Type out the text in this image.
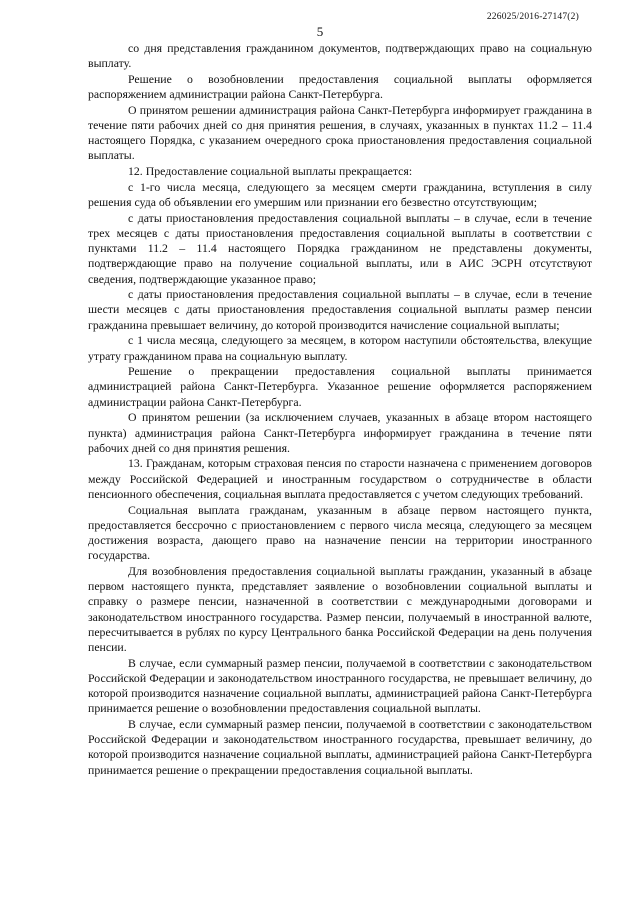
5
226025/2016-27147(2)

со дня представления гражданином документов, подтверждающих право на социальную выплату.

Решение о возобновлении предоставления социальной выплаты оформляется распоряжением администрации района Санкт-Петербурга.

О принятом решении администрация района Санкт-Петербурга информирует гражданина в течение пяти рабочих дней со дня принятия решения, в случаях, указанных в пунктах 11.2 – 11.4 настоящего Порядка, с указанием очередного срока приостановления предоставления социальной выплаты.

12. Предоставление социальной выплаты прекращается:

с 1-го числа месяца, следующего за месяцем смерти гражданина, вступления в силу решения суда об объявлении его умершим или признании его безвестно отсутствующим;

с даты приостановления предоставления социальной выплаты – в случае, если в течение трех месяцев с даты приостановления предоставления социальной выплаты в соответствии с пунктами 11.2 – 11.4 настоящего Порядка гражданином не представлены документы, подтверждающие право на получение социальной выплаты, или в АИС ЭСРН отсутствуют сведения, подтверждающие указанное право;

с даты приостановления предоставления социальной выплаты – в случае, если в течение шести месяцев с даты приостановления предоставления социальной выплаты размер пенсии гражданина превышает величину, до которой производится начисление социальной выплаты;

с 1 числа месяца, следующего за месяцем, в котором наступили обстоятельства, влекущие утрату гражданином права на социальную выплату.

Решение о прекращении предоставления социальной выплаты принимается администрацией района Санкт-Петербурга. Указанное решение оформляется распоряжением администрации района Санкт-Петербурга.

О принятом решении (за исключением случаев, указанных в абзаце втором настоящего пункта) администрация района Санкт-Петербурга информирует гражданина в течение пяти рабочих дней со дня принятия решения.

13. Гражданам, которым страховая пенсия по старости назначена с применением договоров между Российской Федерацией и иностранным государством о сотрудничестве в области пенсионного обеспечения, социальная выплата предоставляется с учетом следующих требований.

Социальная выплата гражданам, указанным в абзаце первом настоящего пункта, предоставляется бессрочно с приостановлением с первого числа месяца, следующего за месяцем достижения возраста, дающего право на назначение пенсии на территории иностранного государства.

Для возобновления предоставления социальной выплаты гражданин, указанный в абзаце первом настоящего пункта, представляет заявление о возобновлении социальной выплаты и справку о размере пенсии, назначенной в соответствии с международными договорами и законодательством иностранного государства. Размер пенсии, получаемый в иностранной валюте, пересчитывается в рублях по курсу Центрального банка Российской Федерации на день получения пенсии.

В случае, если суммарный размер пенсии, получаемой в соответствии с законодательством Российской Федерации и законодательством иностранного государства, не превышает величину, до которой производится назначение социальной выплаты, администрацией района Санкт-Петербурга принимается решение о возобновлении предоставления социальной выплаты.

В случае, если суммарный размер пенсии, получаемой в соответствии с законодательством Российской Федерации и законодательством иностранного государства, превышает величину, до которой производится назначение социальной выплаты, администрацией района Санкт-Петербурга принимается решение о прекращении предоставления социальной выплаты.
